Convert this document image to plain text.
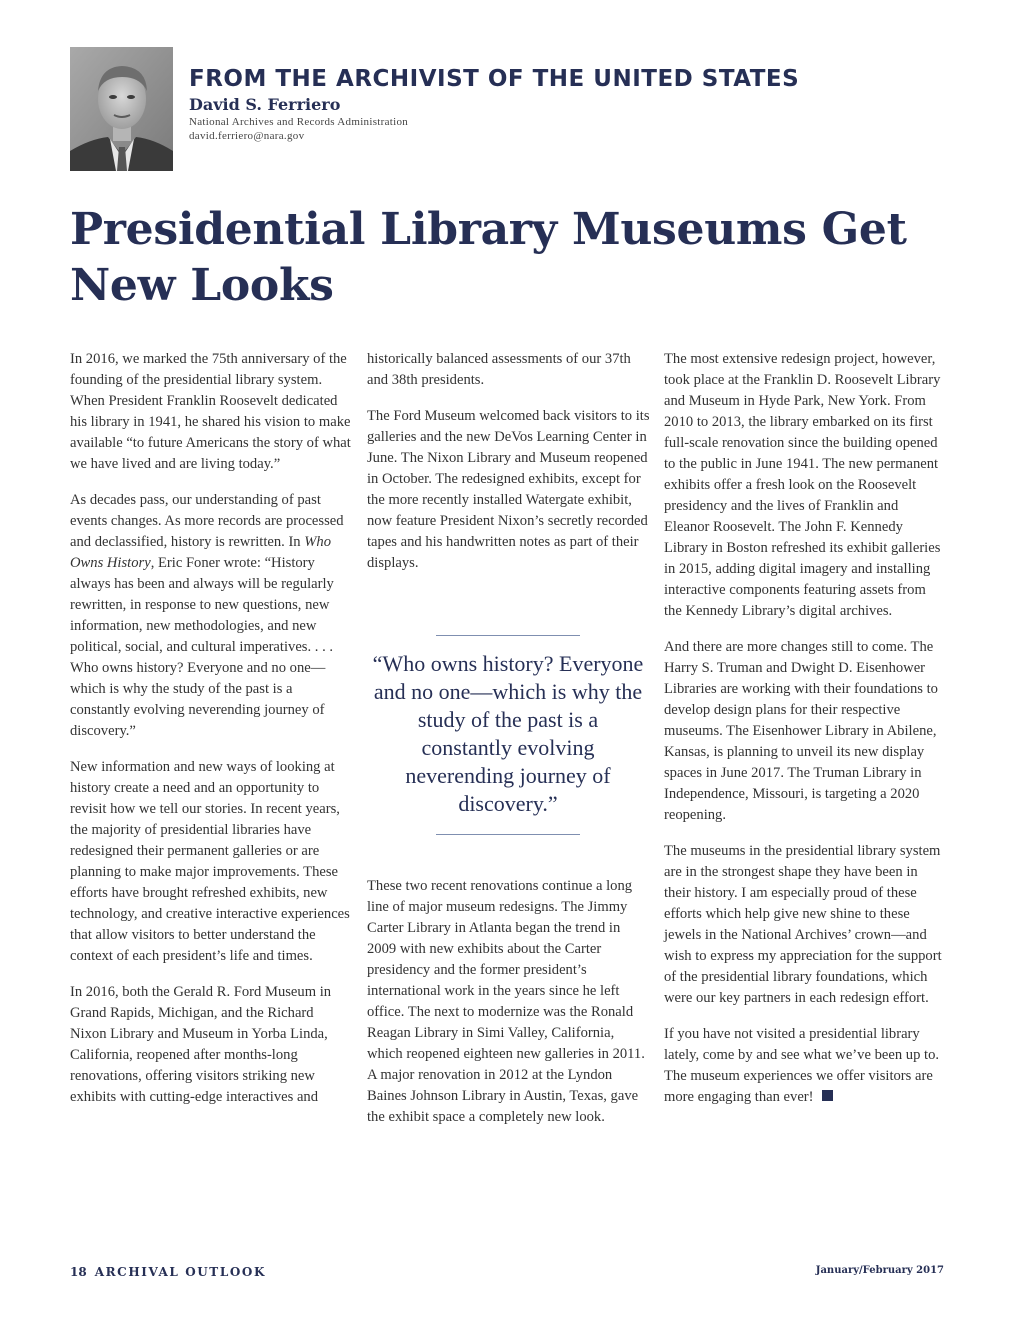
FROM THE ARCHIVIST OF THE UNITED STATES
David S. Ferriero
National Archives and Records Administration
david.ferriero@nara.gov
Presidential Library Museums Get New Looks

In 2016, we marked the 75th anniversary of the founding of the presidential library system. When President Franklin Roosevelt dedicated his library in 1941, he shared his vision to make available “to future Americans the story of what we have lived and are living today.”

As decades pass, our understanding of past events changes. As more records are processed and declassified, history is rewritten. In Who Owns History, Eric Foner wrote: “History always has been and always will be regularly rewritten, in response to new questions, new information, new methodologies, and new political, social, and cultural imperatives. . . . Who owns history? Everyone and no one—which is why the study of the past is a constantly evolving neverending journey of discovery.”

New information and new ways of looking at history create a need and an opportunity to revisit how we tell our stories. In recent years, the majority of presidential libraries have redesigned their permanent galleries or are planning to make major improvements. These efforts have brought refreshed exhibits, new technology, and creative interactive experiences that allow visitors to better understand the context of each president’s life and times.

In 2016, both the Gerald R. Ford Museum in Grand Rapids, Michigan, and the Richard Nixon Library and Museum in Yorba Linda, California, reopened after months-long renovations, offering visitors striking new exhibits with cutting-edge interactives and

historically balanced assessments of our 37th and 38th presidents.

The Ford Museum welcomed back visitors to its galleries and the new DeVos Learning Center in June. The Nixon Library and Museum reopened in October. The redesigned exhibits, except for the more recently installed Watergate exhibit, now feature President Nixon’s secretly recorded tapes and his handwritten notes as part of their displays.

“Who owns history? Everyone and no one—which is why the study of the past is a constantly evolving neverending journey of discovery.”

These two recent renovations continue a long line of major museum redesigns. The Jimmy Carter Library in Atlanta began the trend in 2009 with new exhibits about the Carter presidency and the former president’s international work in the years since he left office. The next to modernize was the Ronald Reagan Library in Simi Valley, California, which reopened eighteen new galleries in 2011. A major renovation in 2012 at the Lyndon Baines Johnson Library in Austin, Texas, gave the exhibit space a completely new look.

The most extensive redesign project, however, took place at the Franklin D. Roosevelt Library and Museum in Hyde Park, New York. From 2010 to 2013, the library embarked on its first full-scale renovation since the building opened to the public in June 1941. The new permanent exhibits offer a fresh look on the Roosevelt presidency and the lives of Franklin and Eleanor Roosevelt. The John F. Kennedy Library in Boston refreshed its exhibit galleries in 2015, adding digital imagery and installing interactive components featuring assets from the Kennedy Library’s digital archives.

And there are more changes still to come. The Harry S. Truman and Dwight D. Eisenhower Libraries are working with their foundations to develop design plans for their respective museums. The Eisenhower Library in Abilene, Kansas, is planning to unveil its new display spaces in June 2017. The Truman Library in Independence, Missouri, is targeting a 2020 reopening.

The museums in the presidential library system are in the strongest shape they have been in their history. I am especially proud of these efforts which help give new shine to these jewels in the National Archives’ crown—and wish to express my appreciation for the support of the presidential library foundations, which were our key partners in each redesign effort.

If you have not visited a presidential library lately, come by and see what we’ve been up to. The museum experiences we offer visitors are more engaging than ever!

18 ARCHIVAL OUTLOOK	January/February 2017
